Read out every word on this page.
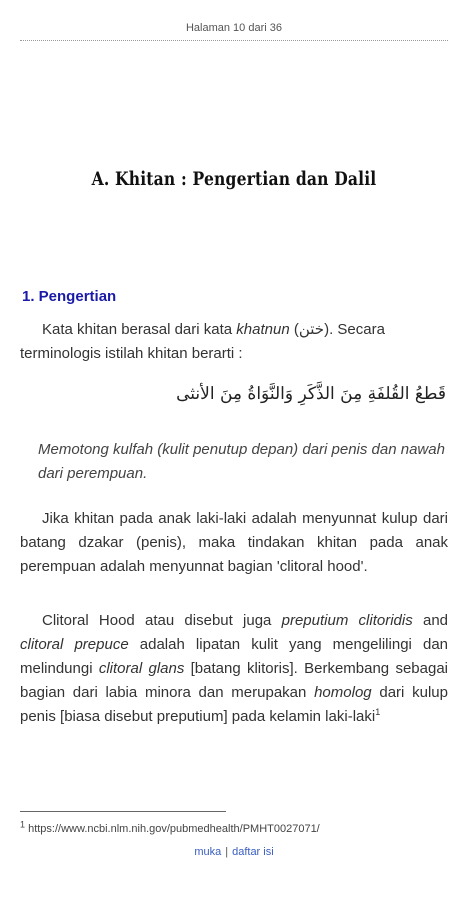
Halaman 10 dari 36
A. Khitan : Pengertian dan Dalil
1. Pengertian
Kata khitan berasal dari kata khatnun (ختن). Secara terminologis istilah khitan berarti :
قَطعُ القُلفَةِ مِنَ الذَّكَرِ وَالنَّوَاةُ مِنَ الأنثى
Memotong kulfah (kulit penutup depan) dari penis dan nawah dari perempuan.
Jika khitan pada anak laki-laki adalah menyunnat kulup dari batang dzakar (penis), maka tindakan khitan pada anak perempuan adalah menyunnat bagian 'clitoral hood'.
Clitoral Hood atau disebut juga preputium clitoridis and clitoral prepuce adalah lipatan kulit yang mengelilingi dan melindungi clitoral glans [batang klitoris]. Berkembang sebagai bagian dari labia minora dan merupakan homolog dari kulup penis [biasa disebut preputium] pada kelamin laki-laki$^1$
$^1$ https://www.ncbi.nlm.nih.gov/pubmedhealth/PMHT0027071/
muka | daftar isi
